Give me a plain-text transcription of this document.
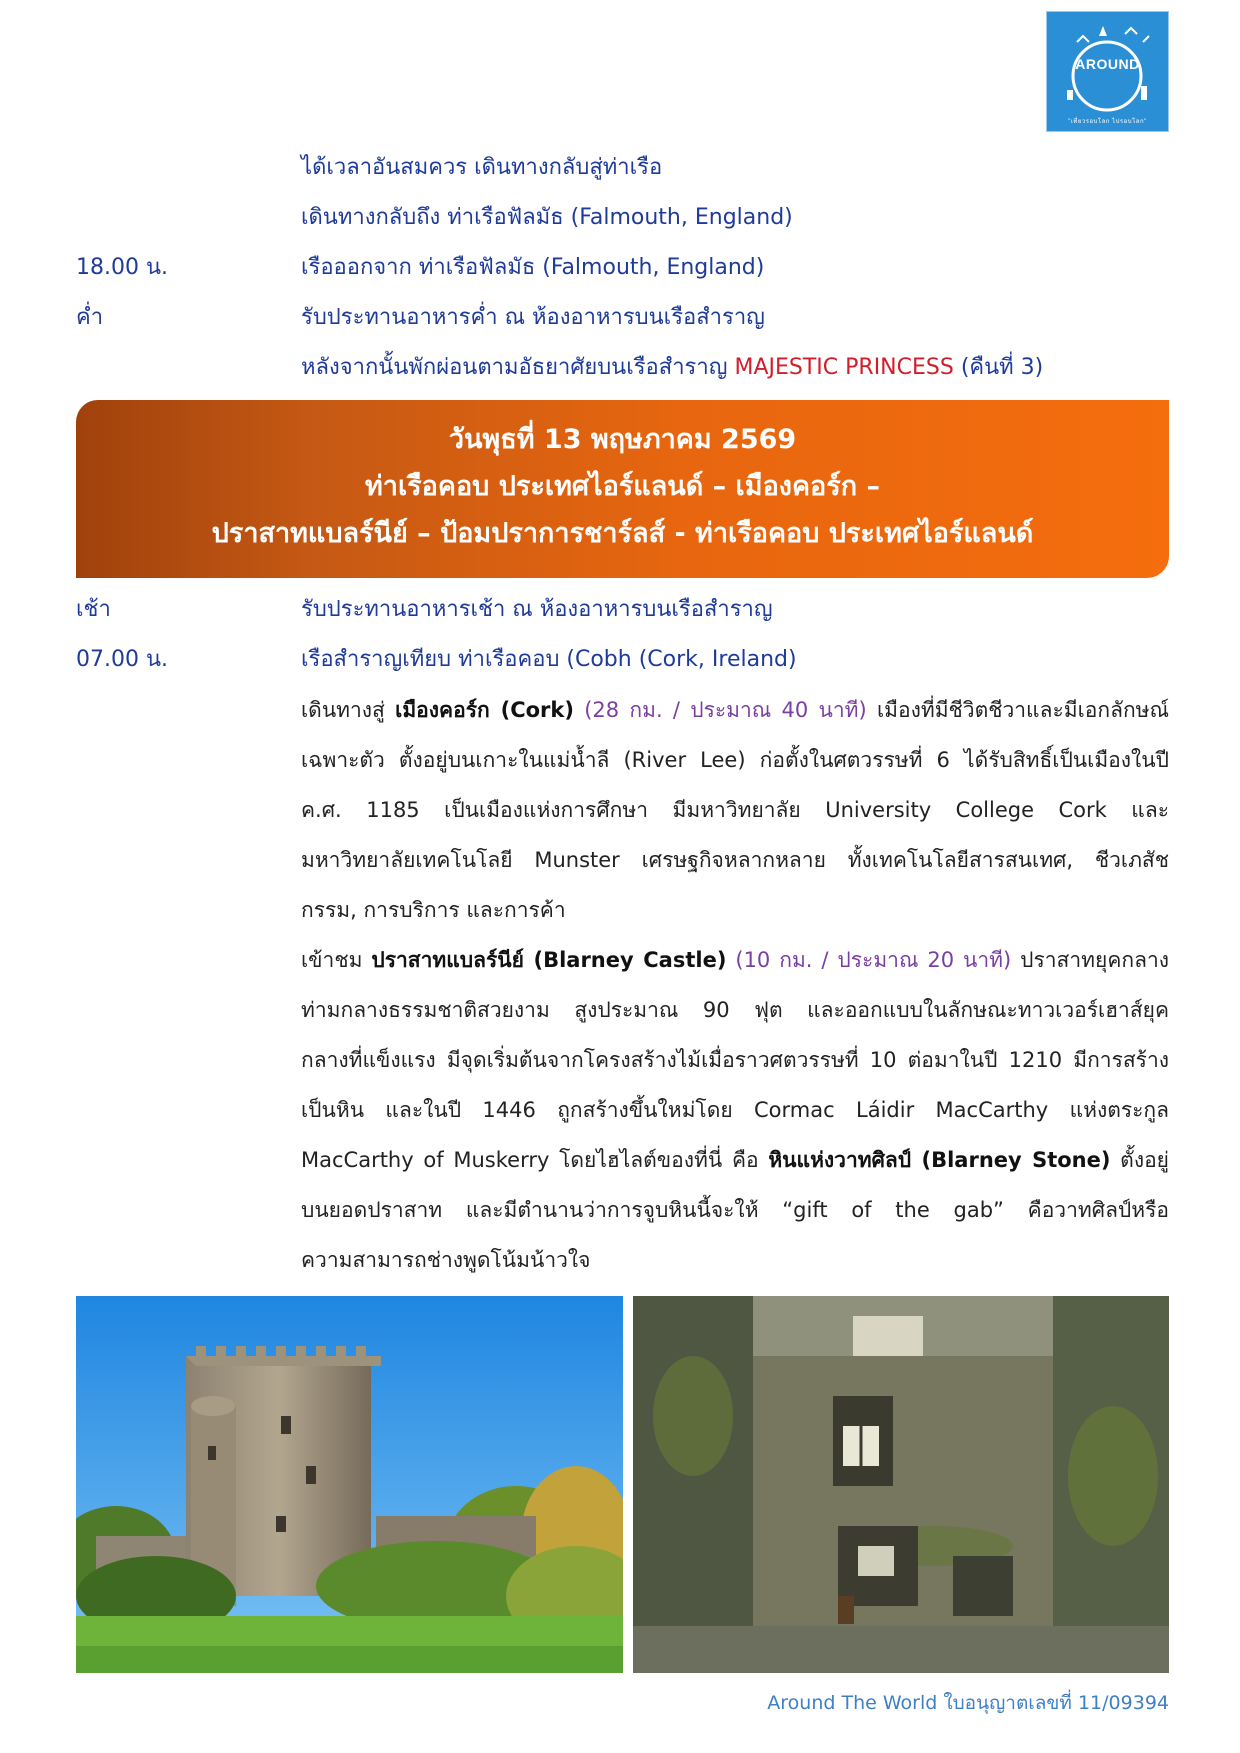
AROUND
"เที่ยวรอบโลก ไปรอบโลก"
ได้เวลาอันสมควร เดินทางกลับสู่ท่าเรือ
เดินทางกลับถึง ท่าเรือฟัลมัธ (Falmouth, England)
18.00 น.	เรือออกจาก ท่าเรือฟัลมัธ (Falmouth, England)
ค่ำ	รับประทานอาหารค่ำ ณ ห้องอาหารบนเรือสำราญ
หลังจากนั้นพักผ่อนตามอัธยาศัยบนเรือสำราญ MAJESTIC PRINCESS (คืนที่ 3)
วันพุธที่ 13 พฤษภาคม 2569
ท่าเรือคอบ ประเทศไอร์แลนด์ – เมืองคอร์ก –
ปราสาทแบลร์นีย์ – ป้อมปราการชาร์ลส์ - ท่าเรือคอบ ประเทศไอร์แลนด์
เช้า	รับประทานอาหารเช้า ณ ห้องอาหารบนเรือสำราญ
07.00 น.	เรือสำราญเทียบ ท่าเรือคอบ (Cobh (Cork, Ireland)
เดินทางสู่ เมืองคอร์ก (Cork) (28 กม. / ประมาณ 40 นาที) เมืองที่มีชีวิตชีวาและมีเอกลักษณ์
เฉพาะตัว ตั้งอยู่บนเกาะในแม่น้ำลี (River Lee) ก่อตั้งในศตวรรษที่ 6 ได้รับสิทธิ์เป็นเมืองในปี
ค.ศ. 1185 เป็นเมืองแห่งการศึกษา มีมหาวิทยาลัย University College Cork และ
มหาวิทยาลัยเทคโนโลยี Munster เศรษฐกิจหลากหลาย ทั้งเทคโนโลยีสารสนเทศ, ชีวเภสัช
กรรม, การบริการ และการค้า
เข้าชม ปราสาทแบลร์นีย์ (Blarney Castle) (10 กม. / ประมาณ 20 นาที) ปราสาทยุคกลาง
ท่ามกลางธรรมชาติสวยงาม สูงประมาณ 90 ฟุต และออกแบบในลักษณะทาวเวอร์เฮาส์ยุค
กลางที่แข็งแรง มีจุดเริ่มต้นจากโครงสร้างไม้เมื่อราวศตวรรษที่ 10 ต่อมาในปี 1210 มีการสร้าง
เป็นหิน และในปี 1446 ถูกสร้างขึ้นใหม่โดย Cormac Láidir MacCarthy แห่งตระกูล
MacCarthy of Muskerry โดยไฮไลต์ของที่นี่ คือ หินแห่งวาทศิลป์ (Blarney Stone) ตั้งอยู่
บนยอดปราสาท และมีตำนานว่าการจูบหินนี้จะให้ “gift of the gab” คือวาทศิลป์หรือ
ความสามารถช่างพูดโน้มน้าวใจ
Around The World ใบอนุญาตเลขที่ 11/09394
